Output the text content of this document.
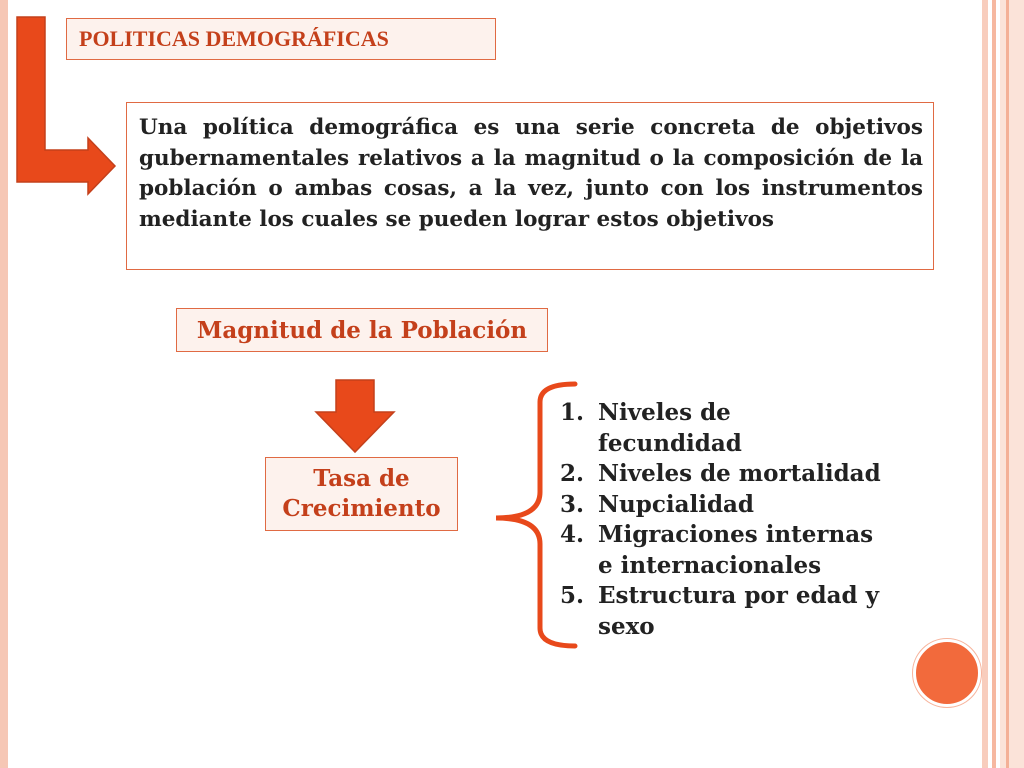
POLITICAS DEMOGRÁFICAS
Una política demográfica es una serie concreta de objetivos gubernamentales relativos a la magnitud o la composición de la población o ambas cosas, a la vez, junto con los instrumentos mediante los cuales se pueden lograr estos objetivos
Magnitud de la Población
Tasa de
Crecimiento
1. Niveles de fecundidad
2. Niveles de mortalidad
3. Nupcialidad
4. Migraciones internas e internacionales
5. Estructura por edad y sexo
